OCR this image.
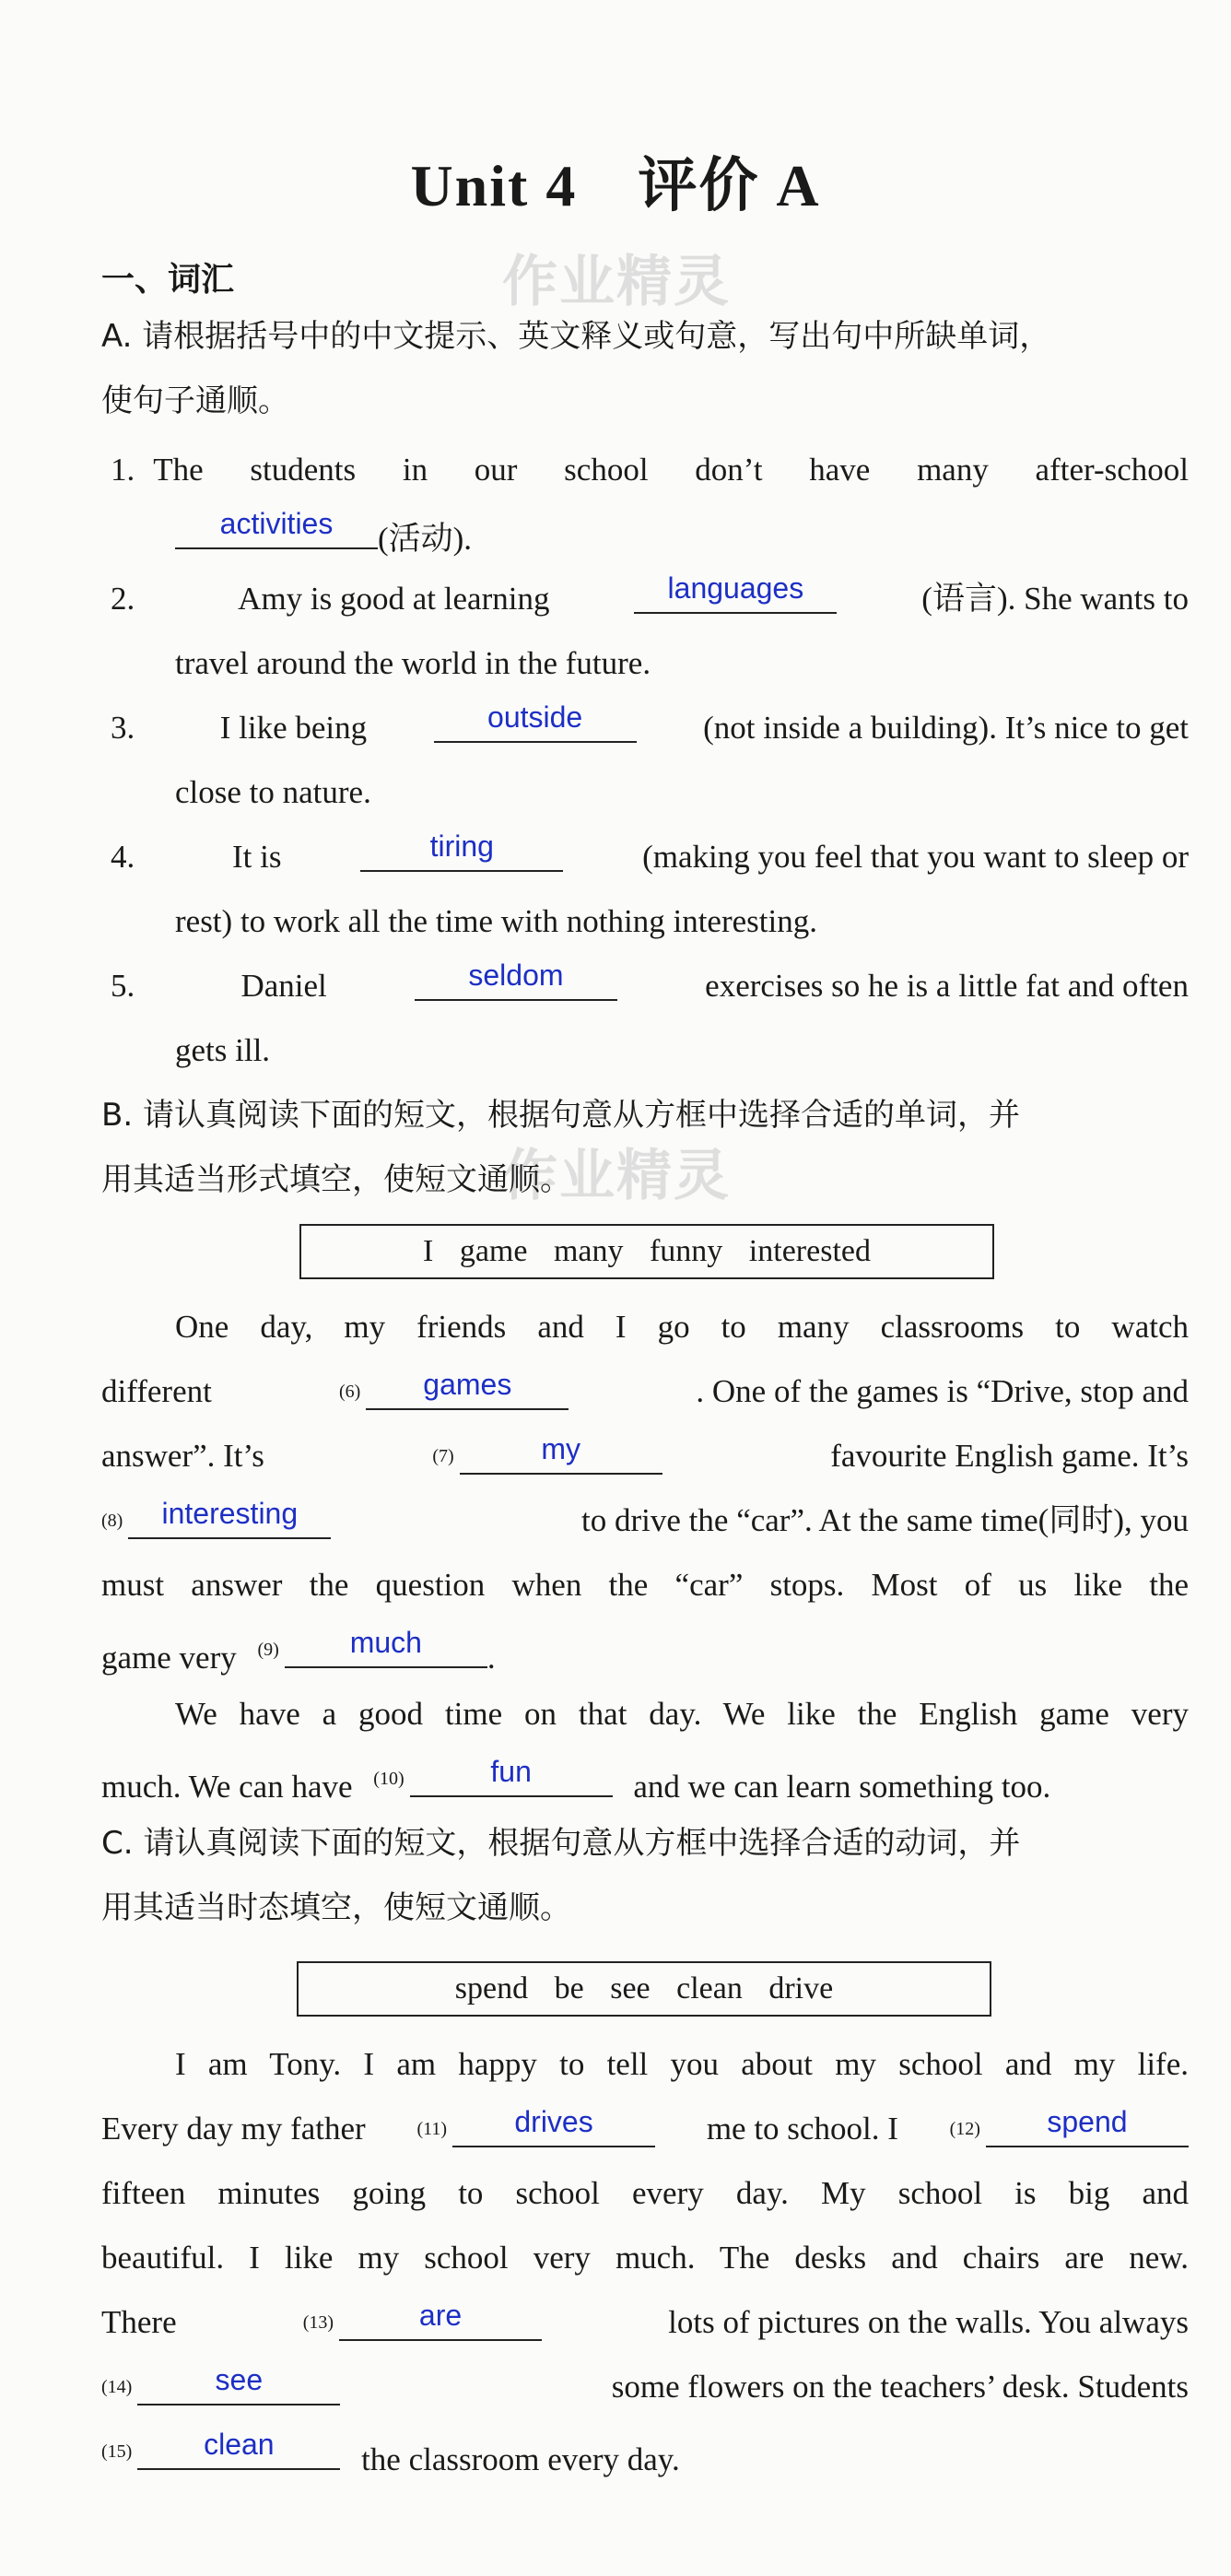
Unit 4　评价 A
一、词汇	作业精灵
作业精灵
A. 请根据括号中的中文提示、英文释义或句意，写出句中所缺单词，
使句子通顺。
1. The students in our school don’t have many after-school
activities	(活动).
2.	Amy is good at learning	languages	(语言). She wants to
travel around the world in the future.
3.	I like being	outside	(not inside a building). It’s nice to get
close to nature.
4.	It is	tiring	(making you feel that you want to sleep or
rest) to work all the time with nothing interesting.
5.	Daniel	seldom	exercises so he is a little fat and often
gets ill.
B. 请认真阅读下面的短文，根据句意从方框中选择合适的单词，并
用其适当形式填空，使短文通顺。
I game many funny interested
One day, my friends and I go to many classrooms to watch
different	$^{(6)}$	games	. One of the games is “Drive, stop and
answer”. It’s	$^{(7)}$	my	favourite English game. It’s
$^{(8)}$	interesting	to drive the “car”. At the same time(同时), you
must answer the question when the “car” stops. Most of us like the
game very $^{(9)}$	much	.
We have a good time on that day. We like the English game very
much. We can have $^{(10)}$	fun	and we can learn something too.
C. 请认真阅读下面的短文，根据句意从方框中选择合适的动词，并
用其适当时态填空，使短文通顺。
spend be see clean drive
I am Tony. I am happy to tell you about my school and my life.
Every day my father	$^{(11)}$	drives	me to school. I	$^{(12)}$	spend
fifteen minutes going to school every day. My school is big and
beautiful. I like my school very much. The desks and chairs are new.
There	$^{(13)}$	are	lots of pictures on the walls. You always
$^{(14)}$	see	some flowers on the teachers’ desk. Students
$^{(15)}$	clean	the classroom every day.
